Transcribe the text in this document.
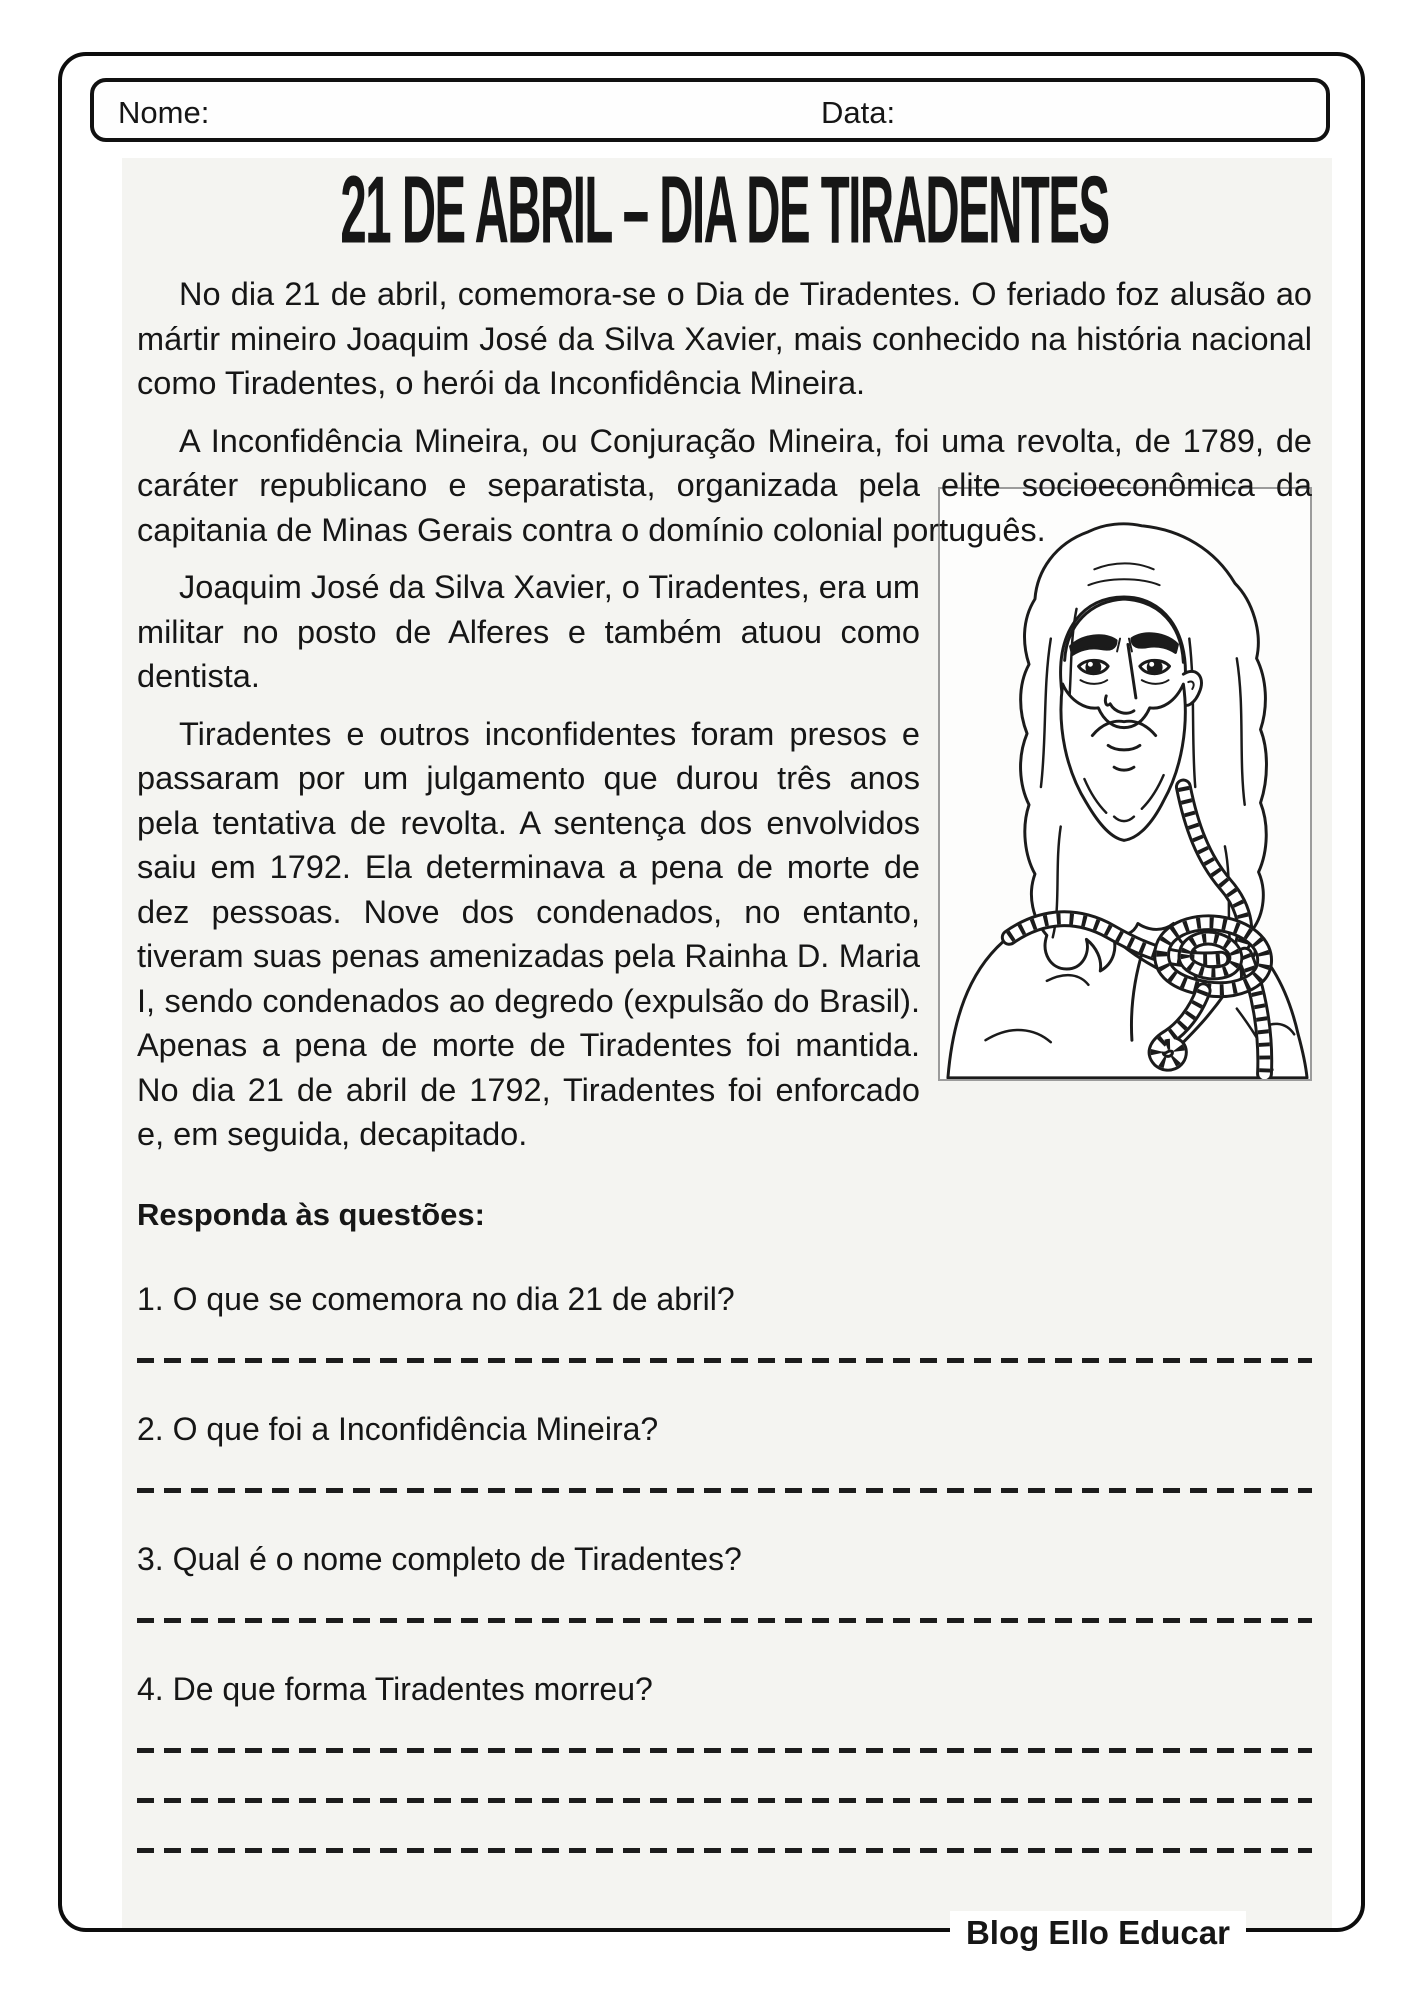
Nome:	Data:
21 DE ABRIL – DIA DE TIRADENTES

No dia 21 de abril, comemora-se o Dia de Tiradentes. O feriado foz alusão ao mártir mineiro Joaquim José da Silva Xavier, mais conhecido na história nacional como Tiradentes, o herói da Inconfidência Mineira.

A Inconfidência Mineira, ou Conjuração Mineira, foi uma revolta, de 1789, de caráter republicano e separatista, organizada pela elite socioeconômica da capitania de Minas Gerais contra o domínio colonial português.

Joaquim José da Silva Xavier, o Tiradentes, era um militar no posto de Alferes e também atuou como dentista.

Tiradentes e outros inconfidentes foram presos e passaram por um julgamento que durou três anos pela tentativa de revolta. A sentença dos envolvidos saiu em 1792. Ela determinava a pena de morte de dez pessoas. Nove dos condenados, no entanto, tiveram suas penas amenizadas pela Rainha D. Maria I, sendo condenados ao degredo (expulsão do Brasil). Apenas a pena de morte de Tiradentes foi mantida. No dia 21 de abril de 1792, Tiradentes foi enforcado e, em seguida, decapitado.

Responda às questões:

1. O que se comemora no dia 21 de abril?

2. O que foi a Inconfidência Mineira?

3. Qual é o nome completo de Tiradentes?

4. De que forma Tiradentes morreu?

Blog Ello Educar
